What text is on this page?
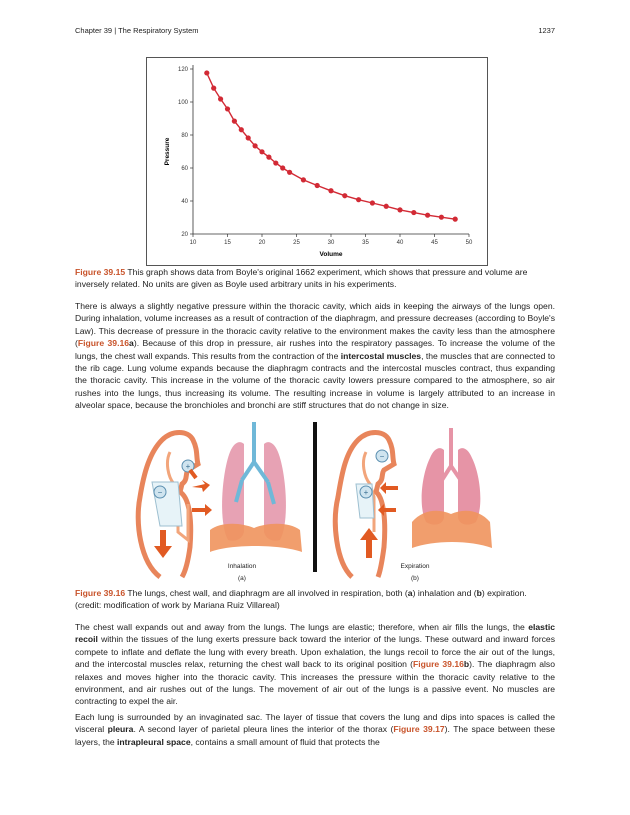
Chapter 39 | The Respiratory System	1237
10	15	20	25	30	35	40	45	50
20
40
60
80
100
120
Volume
Pressure

Figure 39.15 This graph shows data from Boyle's original 1662 experiment, which shows that pressure and volume are inversely related. No units are given as Boyle used arbitrary units in his experiments.

There is always a slightly negative pressure within the thoracic cavity, which aids in keeping the airways of the lungs open. During inhalation, volume increases as a result of contraction of the diaphragm, and pressure decreases (according to Boyle's Law). This decrease of pressure in the thoracic cavity relative to the environment makes the cavity less than the atmosphere (Figure 39.16a). Because of this drop in pressure, air rushes into the respiratory passages. To increase the volume of the lungs, the chest wall expands. This results from the contraction of the intercostal muscles, the muscles that are connected to the rib cage. Lung volume expands because the diaphragm contracts and the intercostal muscles contract, thus expanding the thoracic cavity. This increase in the volume of the thoracic cavity lowers pressure compared to the atmosphere, so air rushes into the lungs, thus increasing its volume. The resulting increase in volume is largely attributed to an increase in alveolar space, because the bronchioles and bronchi are stiff structures that do not change in size.

+
−
−
+
Inhalation
(a)
Expiration
(b)

Figure 39.16 The lungs, chest wall, and diaphragm are all involved in respiration, both (a) inhalation and (b) expiration. (credit: modification of work by Mariana Ruiz Villareal)

The chest wall expands out and away from the lungs. The lungs are elastic; therefore, when air fills the lungs, the elastic recoil within the tissues of the lung exerts pressure back toward the interior of the lungs. These outward and inward forces compete to inflate and deflate the lung with every breath. Upon exhalation, the lungs recoil to force the air out of the lungs, and the intercostal muscles relax, returning the chest wall back to its original position (Figure 39.16b). The diaphragm also relaxes and moves higher into the thoracic cavity. This increases the pressure within the thoracic cavity relative to the environment, and air rushes out of the lungs. The movement of air out of the lungs is a passive event. No muscles are contracting to expel the air.

Each lung is surrounded by an invaginated sac. The layer of tissue that covers the lung and dips into spaces is called the visceral pleura. A second layer of parietal pleura lines the interior of the thorax (Figure 39.17). The space between these layers, the intrapleural space, contains a small amount of fluid that protects the
